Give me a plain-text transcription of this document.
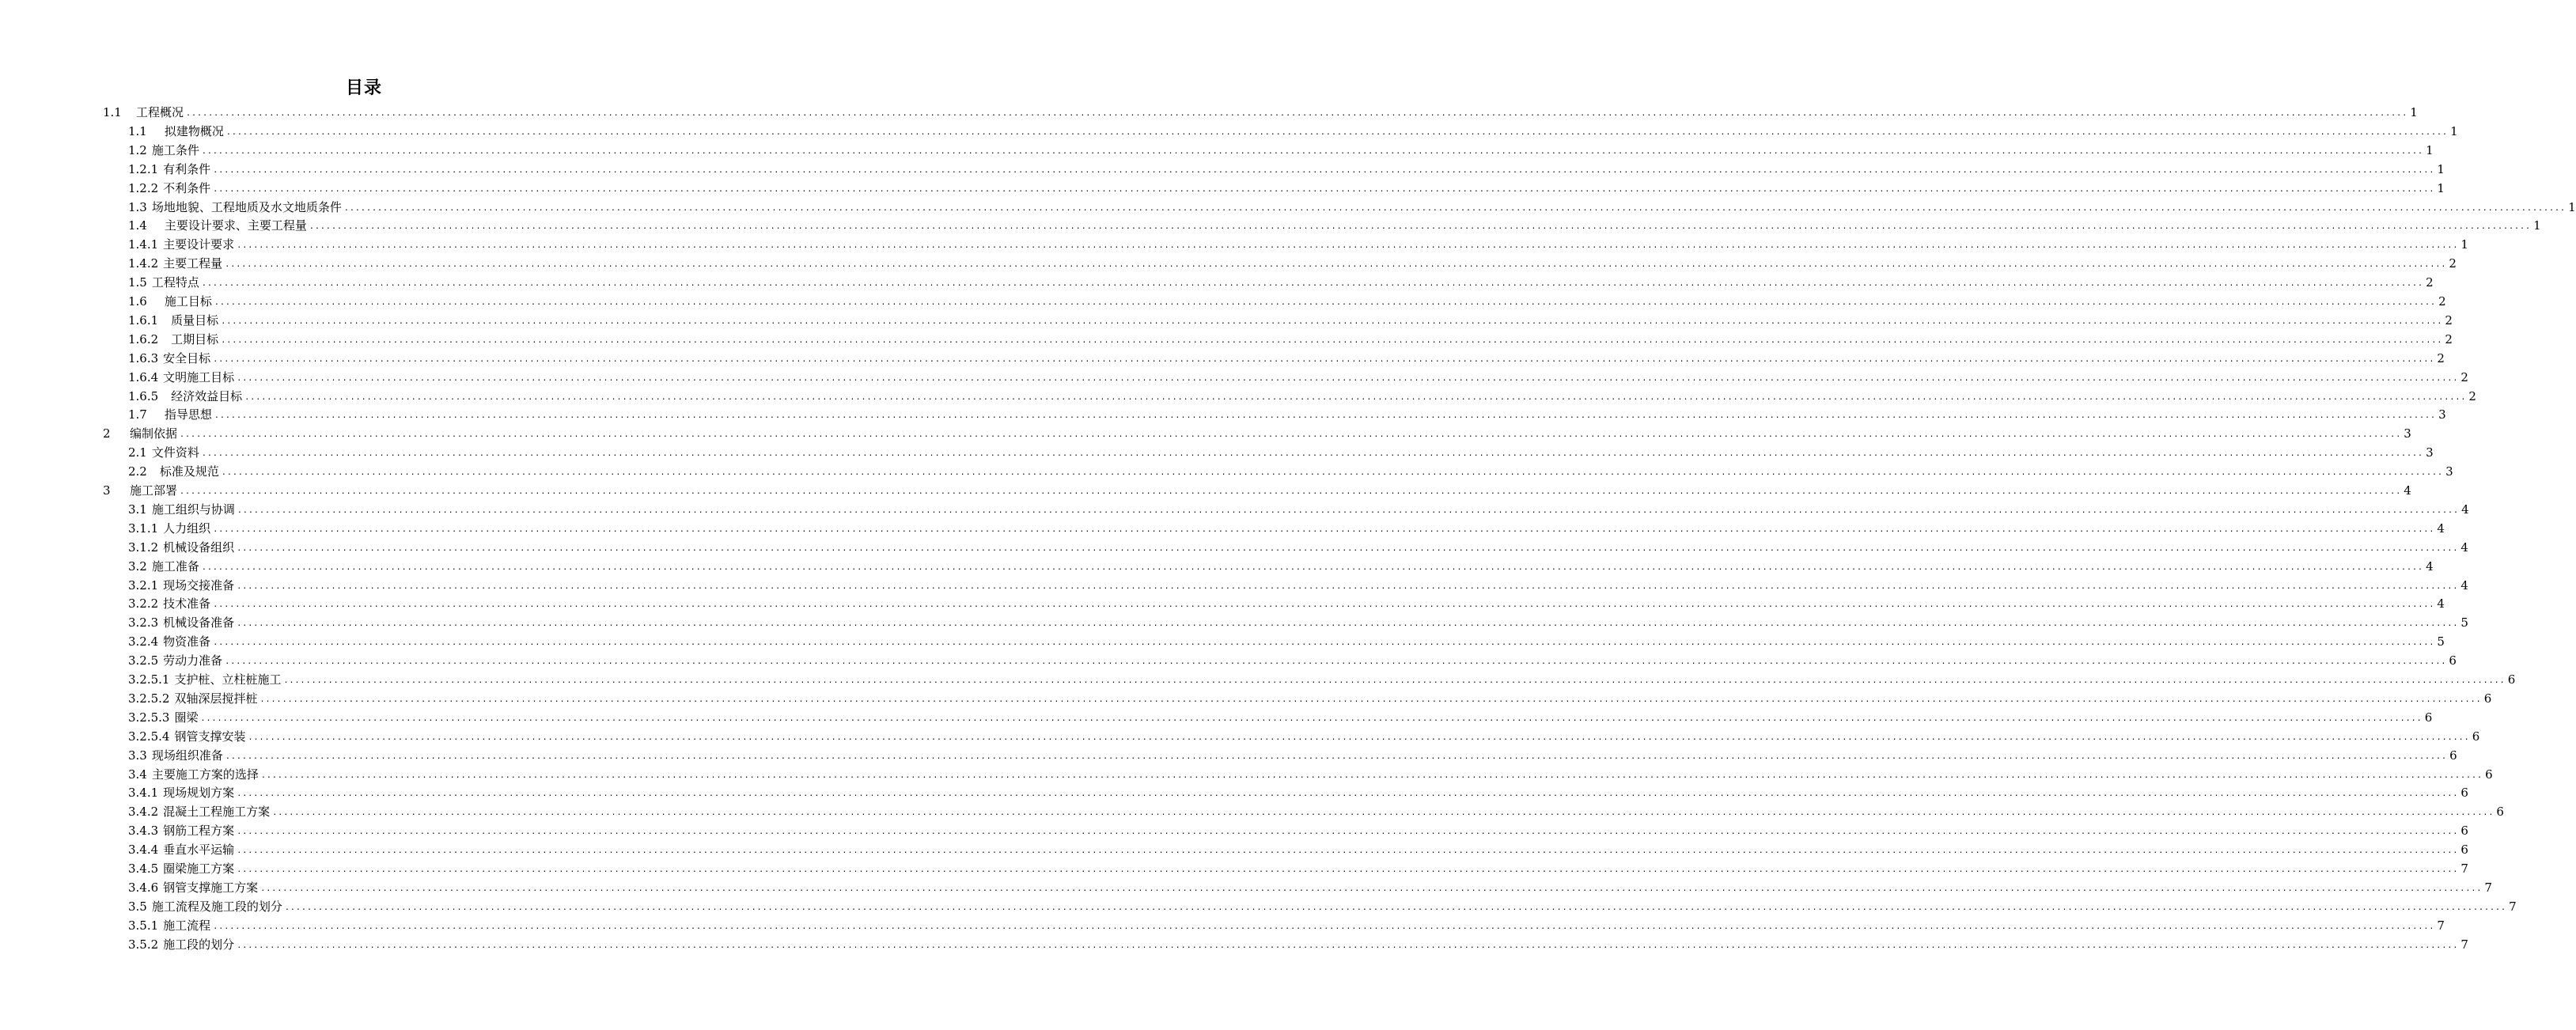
目录
1.1	工程概况 ................................................................................................................................................................................................................................................................................................................................................................................................................ 1
1.1 拟建物概况 ................................................................................................................................................................................................................................................................................................................................................................................................................ 1
1.2 施工条件 ................................................................................................................................................................................................................................................................................................................................................................................................................ 1
1.2.1 有利条件 ................................................................................................................................................................................................................................................................................................................................................................................................................ 1
1.2.2 不利条件 ................................................................................................................................................................................................................................................................................................................................................................................................................ 1
1.3 场地地貌、工程地质及水文地质条件 ................................................................................................................................................................................................................................................................................................................................................................................................................ 1
1.4 主要设计要求、主要工程量 ................................................................................................................................................................................................................................................................................................................................................................................................................ 1
1.4.1 主要设计要求 ................................................................................................................................................................................................................................................................................................................................................................................................................ 1
1.4.2 主要工程量 ................................................................................................................................................................................................................................................................................................................................................................................................................ 2
1.5 工程特点 ................................................................................................................................................................................................................................................................................................................................................................................................................ 2
1.6 施工目标 ................................................................................................................................................................................................................................................................................................................................................................................................................ 2
1.6.1 质量目标 ................................................................................................................................................................................................................................................................................................................................................................................................................ 2
1.6.2 工期目标 ................................................................................................................................................................................................................................................................................................................................................................................................................ 2
1.6.3 安全目标 ................................................................................................................................................................................................................................................................................................................................................................................................................ 2
1.6.4 文明施工目标 ................................................................................................................................................................................................................................................................................................................................................................................................................ 2
1.6.5 经济效益目标 ................................................................................................................................................................................................................................................................................................................................................................................................................ 2
1.7 指导思想 ................................................................................................................................................................................................................................................................................................................................................................................................................ 3
2	编制依据 ................................................................................................................................................................................................................................................................................................................................................................................................................ 3
2.1 文件资料 ................................................................................................................................................................................................................................................................................................................................................................................................................ 3
2.2 标准及规范 ................................................................................................................................................................................................................................................................................................................................................................................................................ 3
3	施工部署 ................................................................................................................................................................................................................................................................................................................................................................................................................ 4
3.1 施工组织与协调 ................................................................................................................................................................................................................................................................................................................................................................................................................ 4
3.1.1 人力组织 ................................................................................................................................................................................................................................................................................................................................................................................................................ 4
3.1.2 机械设备组织 ................................................................................................................................................................................................................................................................................................................................................................................................................ 4
3.2 施工准备 ................................................................................................................................................................................................................................................................................................................................................................................................................ 4
3.2.1 现场交接准备 ................................................................................................................................................................................................................................................................................................................................................................................................................ 4
3.2.2 技术准备 ................................................................................................................................................................................................................................................................................................................................................................................................................ 4
3.2.3 机械设备准备 ................................................................................................................................................................................................................................................................................................................................................................................................................ 5
3.2.4 物资准备 ................................................................................................................................................................................................................................................................................................................................................................................................................ 5
3.2.5 劳动力准备 ................................................................................................................................................................................................................................................................................................................................................................................................................ 6
3.2.5.1 支护桩、立柱桩施工 ................................................................................................................................................................................................................................................................................................................................................................................................................ 6
3.2.5.2 双轴深层搅拌桩 ................................................................................................................................................................................................................................................................................................................................................................................................................ 6
3.2.5.3 圈梁 ................................................................................................................................................................................................................................................................................................................................................................................................................ 6
3.2.5.4 钢管支撑安装 ................................................................................................................................................................................................................................................................................................................................................................................................................ 6
3.3 现场组织准备 ................................................................................................................................................................................................................................................................................................................................................................................................................ 6
3.4 主要施工方案的选择 ................................................................................................................................................................................................................................................................................................................................................................................................................ 6
3.4.1 现场规划方案 ................................................................................................................................................................................................................................................................................................................................................................................................................ 6
3.4.2 混凝土工程施工方案 ................................................................................................................................................................................................................................................................................................................................................................................................................ 6
3.4.3 钢筋工程方案 ................................................................................................................................................................................................................................................................................................................................................................................................................ 6
3.4.4 垂直水平运输 ................................................................................................................................................................................................................................................................................................................................................................................................................ 6
3.4.5 圈梁施工方案 ................................................................................................................................................................................................................................................................................................................................................................................................................ 7
3.4.6 钢管支撑施工方案 ................................................................................................................................................................................................................................................................................................................................................................................................................ 7
3.5 施工流程及施工段的划分 ................................................................................................................................................................................................................................................................................................................................................................................................................ 7
3.5.1 施工流程 ................................................................................................................................................................................................................................................................................................................................................................................................................ 7
3.5.2 施工段的划分 ................................................................................................................................................................................................................................................................................................................................................................................................................ 7
